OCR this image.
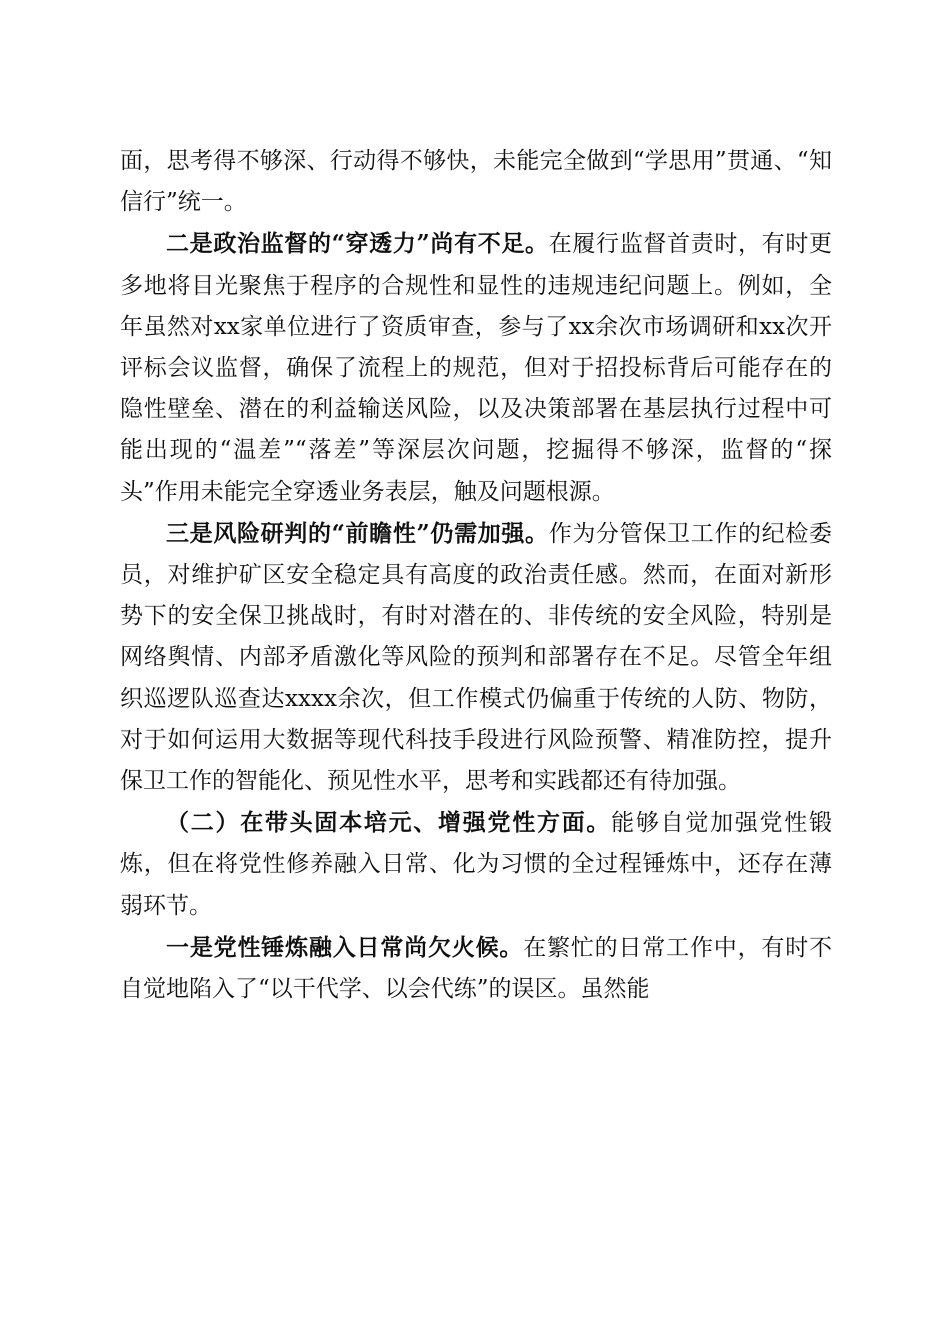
面，思考得不够深、行动得不够快，未能完全做到“学思用”贯通、“知信行”统一。

二是政治监督的“穿透力”尚有不足。在履行监督首责时，有时更多地将目光聚焦于程序的合规性和显性的违规违纪问题上。例如，全年虽然对xx家单位进行了资质审查，参与了xx余次市场调研和xx次开评标会议监督，确保了流程上的规范，但对于招投标背后可能存在的隐性壁垒、潜在的利益输送风险，以及决策部署在基层执行过程中可能出现的“温差”“落差”等深层次问题，挖掘得不够深，监督的“探头”作用未能完全穿透业务表层，触及问题根源。

三是风险研判的“前瞻性”仍需加强。作为分管保卫工作的纪检委员，对维护矿区安全稳定具有高度的政治责任感。然而，在面对新形势下的安全保卫挑战时，有时对潜在的、非传统的安全风险，特别是网络舆情、内部矛盾激化等风险的预判和部署存在不足。尽管全年组织巡逻队巡查达xxxx余次，但工作模式仍偏重于传统的人防、物防，对于如何运用大数据等现代科技手段进行风险预警、精准防控，提升保卫工作的智能化、预见性水平，思考和实践都还有待加强。

（二）在带头固本培元、增强党性方面。能够自觉加强党性锻炼，但在将党性修养融入日常、化为习惯的全过程锤炼中，还存在薄弱环节。

一是党性锤炼融入日常尚欠火候。在繁忙的日常工作中，有时不自觉地陷入了“以干代学、以会代练”的误区。虽然能
